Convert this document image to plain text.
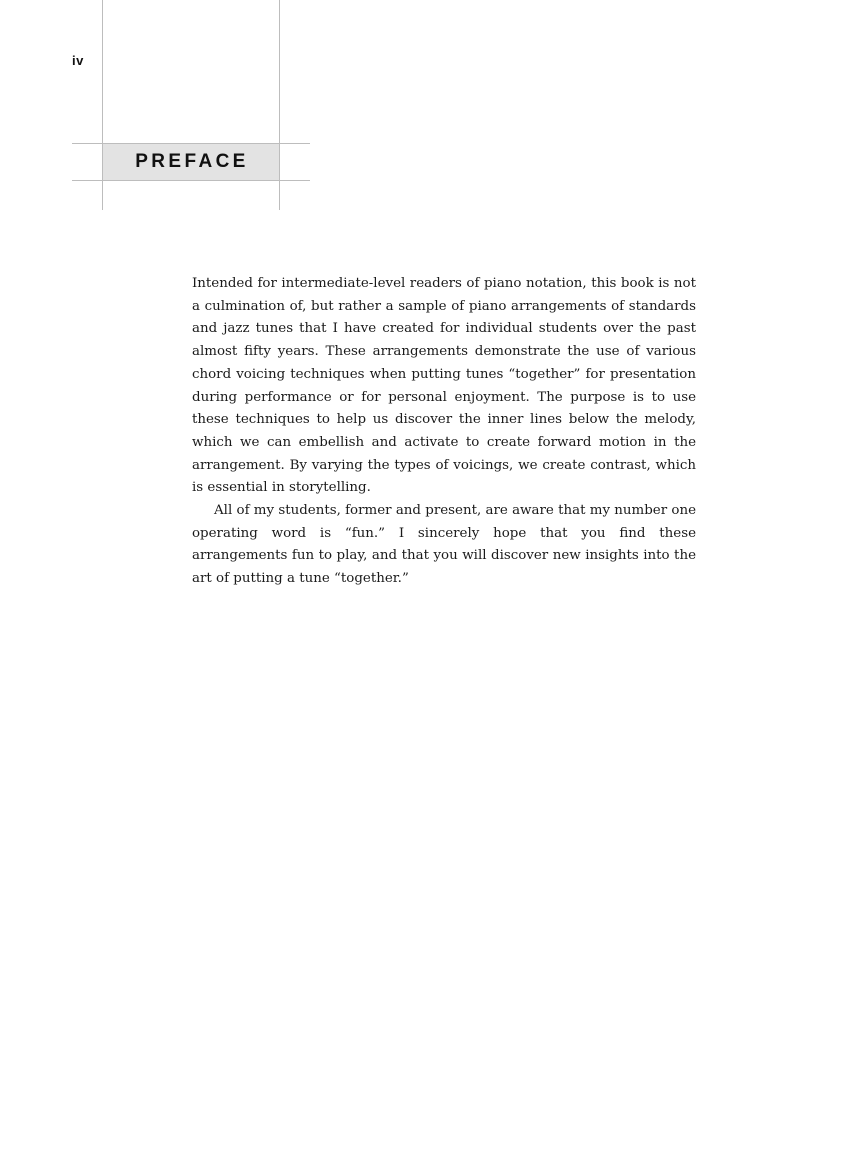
iv
PREFACE

Intended for intermediate-level readers of piano notation, this book is not a culmination of, but rather a sample of piano arrangements of standards and jazz tunes that I have created for individual students over the past almost fifty years. These arrangements demonstrate the use of various chord voicing techniques when putting tunes “together” for presentation during performance or for personal enjoyment. The purpose is to use these techniques to help us discover the inner lines below the melody, which we can embellish and activate to create forward motion in the arrangement. By varying the types of voicings, we create contrast, which is essential in storytelling.

All of my students, former and present, are aware that my number one operating word is “fun.” I sincerely hope that you find these arrangements fun to play, and that you will discover new insights into the art of putting a tune “together.”
